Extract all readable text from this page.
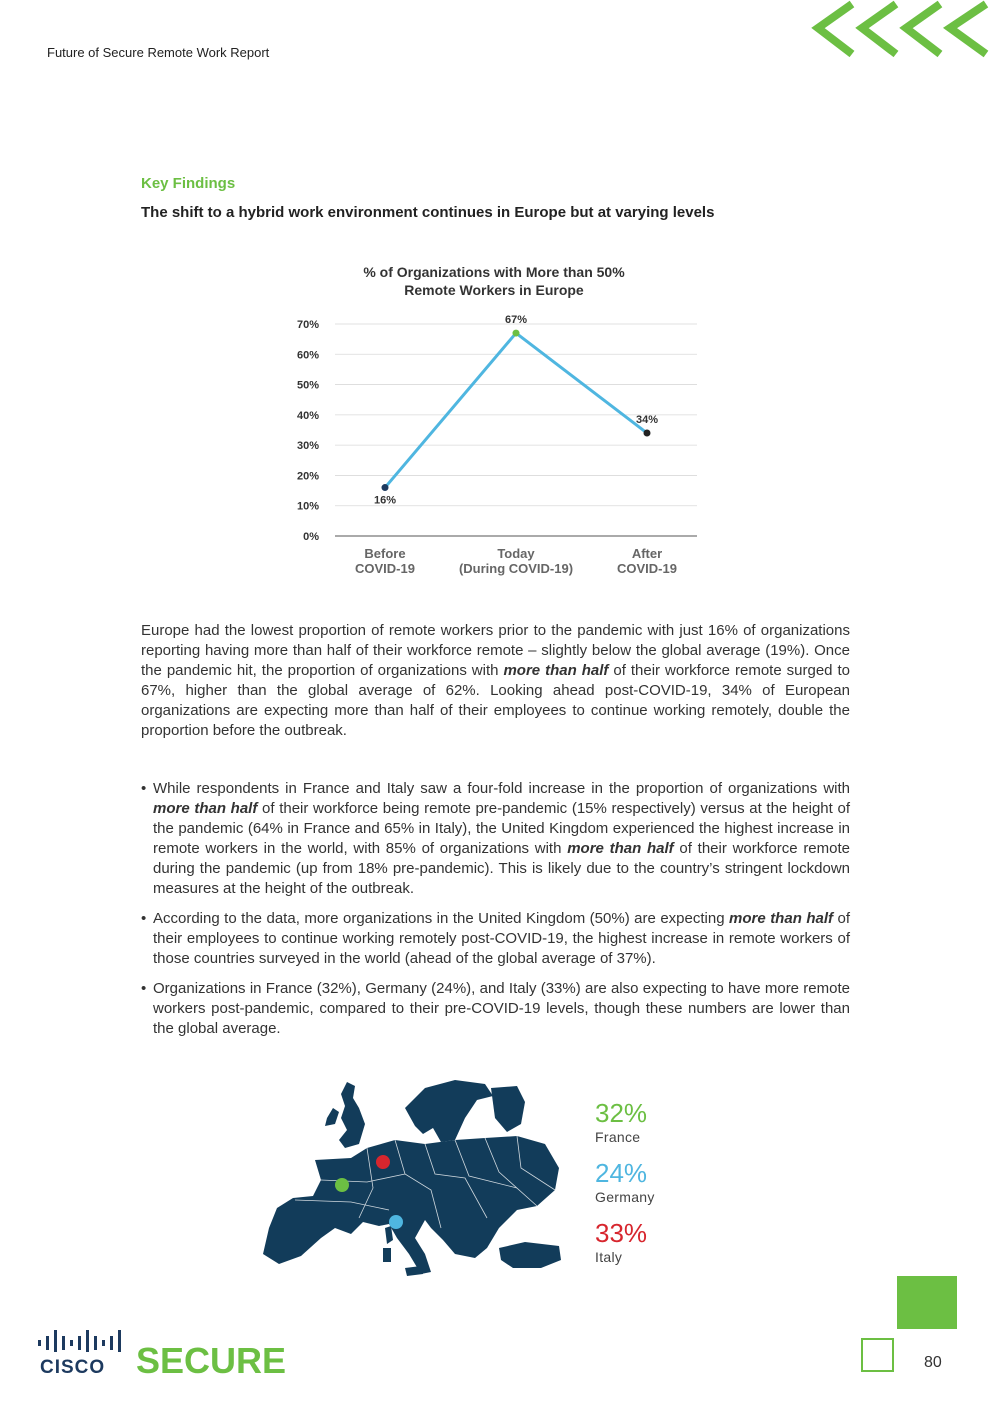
Future of Secure Remote Work Report
Key Findings
The shift to a hybrid work environment continues in Europe but at varying levels
% of Organizations with More than 50%
Remote Workers in Europe
0%
10%
20%
30%
40%
50%
60%
70%
Before
COVID-19
Today
(During COVID-19)
After
COVID-19
16%
67%
34%
Europe had the lowest proportion of remote workers prior to the pandemic with just 16% of organizations reporting having more than half of their workforce remote – slightly below the global average (19%). Once the pandemic hit, the proportion of organizations with more than half of their workforce remote surged to 67%, higher than the global average of 62%. Looking ahead post-COVID-19, 34% of European organizations are expecting more than half of their employees to continue working remotely, double the proportion before the outbreak.
• While respondents in France and Italy saw a four-fold increase in the proportion of organizations with more than half of their workforce being remote pre-pandemic (15% respectively) versus at the height of the pandemic (64% in France and 65% in Italy), the United Kingdom experienced the highest increase in remote workers in the world, with 85% of organizations with more than half of their workforce remote during the pandemic (up from 18% pre-pandemic). This is likely due to the country’s stringent lockdown measures at the height of the outbreak.
• According to the data, more organizations in the United Kingdom (50%) are expecting more than half of their employees to continue working remotely post-COVID-19, the highest increase in remote workers of those countries surveyed in the world (ahead of the global average of 37%).
• Organizations in France (32%), Germany (24%), and Italy (33%) are also expecting to have more remote workers post-pandemic, compared to their pre-COVID-19 levels, though these numbers are lower than the global average.
32%
France
24%
Germany
33%
Italy
CISCO SECURE	80
